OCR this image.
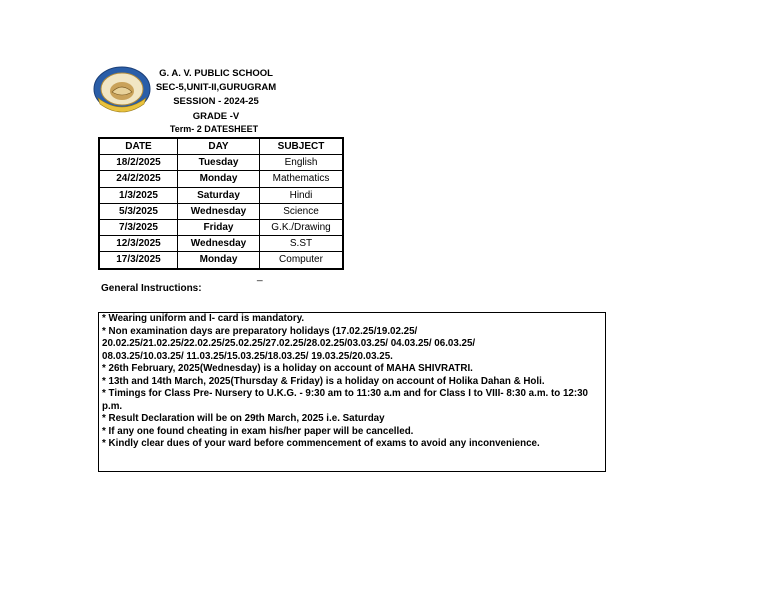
G. A. V. PUBLIC SCHOOL
SEC-5,UNIT-II,GURUGRAM
SESSION - 2024-25
GRADE -V
Term- 2 DATESHEET
DATE	DAY	SUBJECT
18/2/2025	Tuesday	English
24/2/2025	Monday	Mathematics
1/3/2025	Saturday	Hindi
5/3/2025	Wednesday	Science
7/3/2025	Friday	G.K./Drawing
12/3/2025	Wednesday	S.ST
17/3/2025	Monday	Computer
_
General Instructions:
* Wearing uniform and I- card is mandatory.
* Non examination days are preparatory holidays (17.02.25/19.02.25/
20.02.25/21.02.25/22.02.25/25.02.25/27.02.25/28.02.25/03.03.25/ 04.03.25/ 06.03.25/
08.03.25/10.03.25/ 11.03.25/15.03.25/18.03.25/ 19.03.25/20.03.25.
* 26th February, 2025(Wednesday) is a holiday on account of MAHA SHIVRATRI.
* 13th and 14th March, 2025(Thursday & Friday) is a holiday on account of Holika Dahan & Holi.
* Timings for Class Pre- Nursery to U.K.G. - 9:30 am to 11:30 a.m and for Class I to VIII- 8:30 a.m. to 12:30 p.m.
* Result Declaration will be on 29th March, 2025 i.e. Saturday
* If any one found cheating in exam his/her paper will be cancelled.
* Kindly clear dues of your ward before commencement of exams to avoid any inconvenience.
